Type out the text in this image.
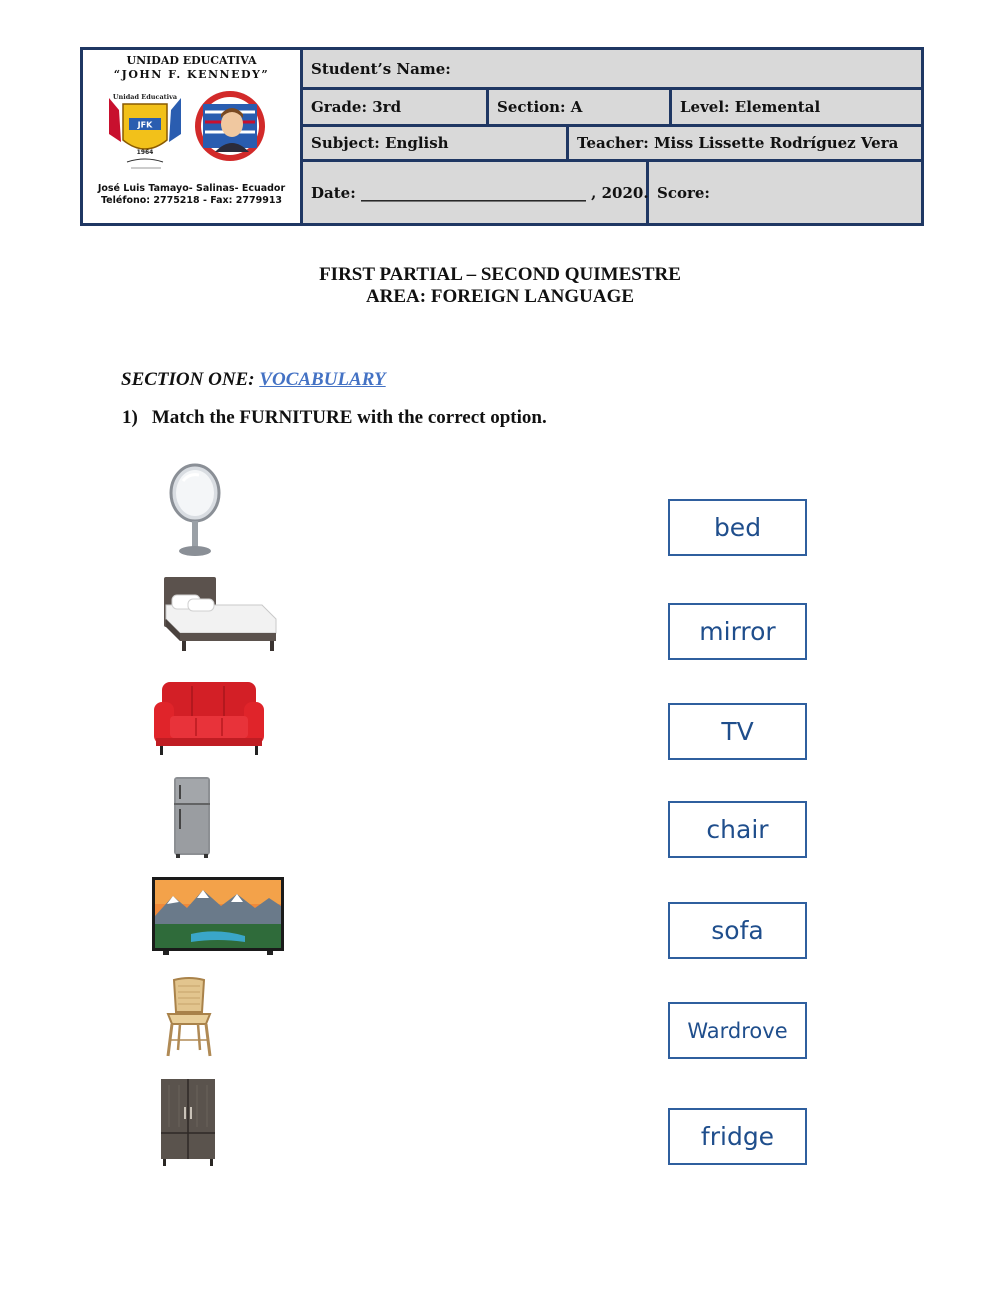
UNIDAD EDUCATIVA
“JOHN F. KENNEDY”
JFK
Unidad Educativa
1964
José Luis Tamayo- Salinas- Ecuador
Teléfono: 2775218 - Fax: 2779913
Student’s Name:
Grade: 3rd	Section: A	Level: Elemental
Subject: English	Teacher: Miss Lissette Rodríguez Vera
Date: ______________________________ , 2020. Score:
FIRST PARTIAL – SECOND QUIMESTRE
AREA: FOREIGN LANGUAGE
SECTION ONE: VOCABULARY
1) Match the FURNITURE with the correct option.
bed
mirror
TV
chair
sofa
Wardrove
fridge
